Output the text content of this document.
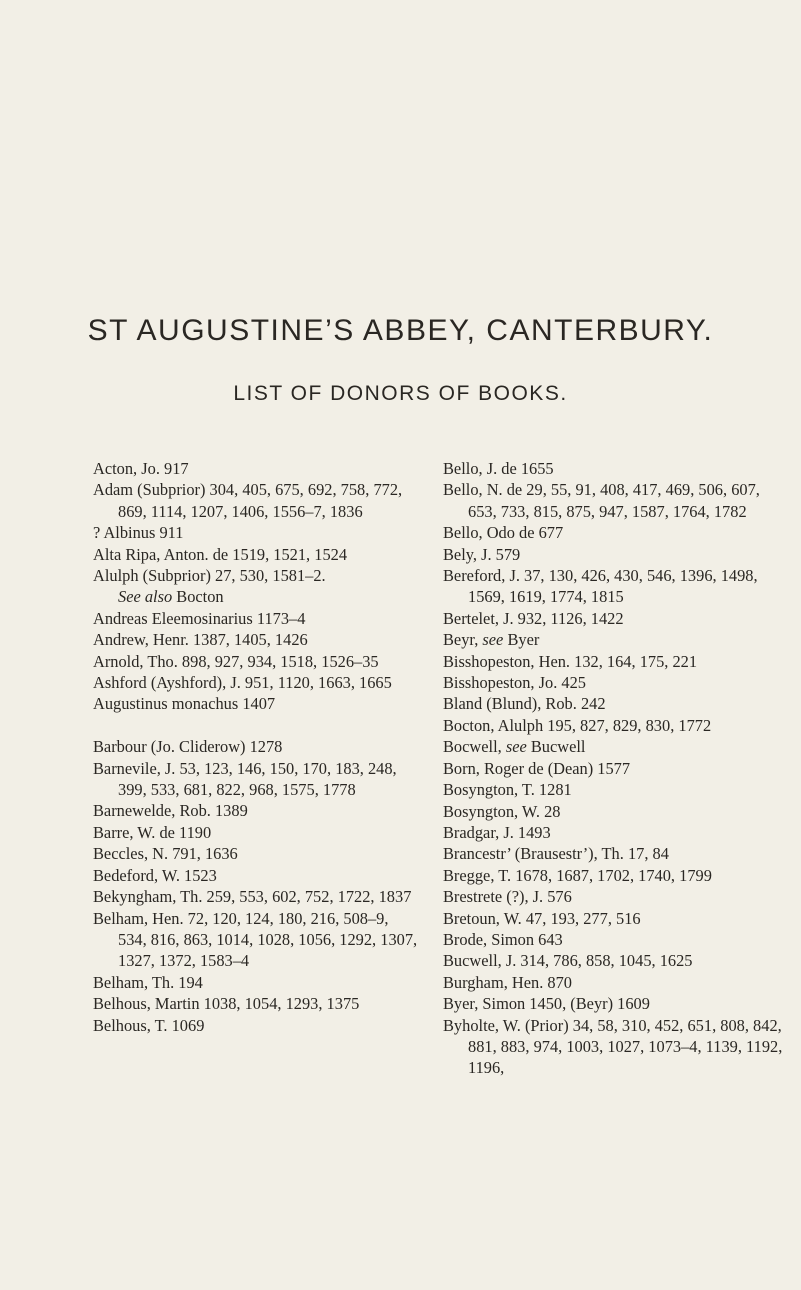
ST AUGUSTINE’S ABBEY, CANTERBURY.
LIST OF DONORS OF BOOKS.
Acton, Jo. 917
Adam (Subprior) 304, 405, 675, 692, 758, 772, 869, 1114, 1207, 1406, 1556–7, 1836
? Albinus 911
Alta Ripa, Anton. de 1519, 1521, 1524
Alulph (Subprior) 27, 530, 1581–2.
See also Bocton
Andreas Eleemosinarius 1173–4
Andrew, Henr. 1387, 1405, 1426
Arnold, Tho. 898, 927, 934, 1518, 1526–35
Ashford (Ayshford), J. 951, 1120, 1663, 1665
Augustinus monachus 1407
Barbour (Jo. Cliderow) 1278
Barnevile, J. 53, 123, 146, 150, 170, 183, 248, 399, 533, 681, 822, 968, 1575, 1778
Barnewelde, Rob. 1389
Barre, W. de 1190
Beccles, N. 791, 1636
Bedeford, W. 1523
Bekyngham, Th. 259, 553, 602, 752, 1722, 1837
Belham, Hen. 72, 120, 124, 180, 216, 508–9, 534, 816, 863, 1014, 1028, 1056, 1292, 1307, 1327, 1372, 1583–4
Belham, Th. 194
Belhous, Martin 1038, 1054, 1293, 1375
Belhous, T. 1069
Bello, J. de 1655
Bello, N. de 29, 55, 91, 408, 417, 469, 506, 607, 653, 733, 815, 875, 947, 1587, 1764, 1782
Bello, Odo de 677
Bely, J. 579
Bereford, J. 37, 130, 426, 430, 546, 1396, 1498, 1569, 1619, 1774, 1815
Bertelet, J. 932, 1126, 1422
Beyr, see Byer
Bisshopeston, Hen. 132, 164, 175, 221
Bisshopeston, Jo. 425
Bland (Blund), Rob. 242
Bocton, Alulph 195, 827, 829, 830, 1772
Bocwell, see Bucwell
Born, Roger de (Dean) 1577
Bosyngton, T. 1281
Bosyngton, W. 28
Bradgar, J. 1493
Brancestr’ (Brausestr’), Th. 17, 84
Bregge, T. 1678, 1687, 1702, 1740, 1799
Brestrete (?), J. 576
Bretoun, W. 47, 193, 277, 516
Brode, Simon 643
Bucwell, J. 314, 786, 858, 1045, 1625
Burgham, Hen. 870
Byer, Simon 1450, (Beyr) 1609
Byholte, W. (Prior) 34, 58, 310, 452, 651, 808, 842, 881, 883, 974, 1003, 1027, 1073–4, 1139, 1192, 1196,
